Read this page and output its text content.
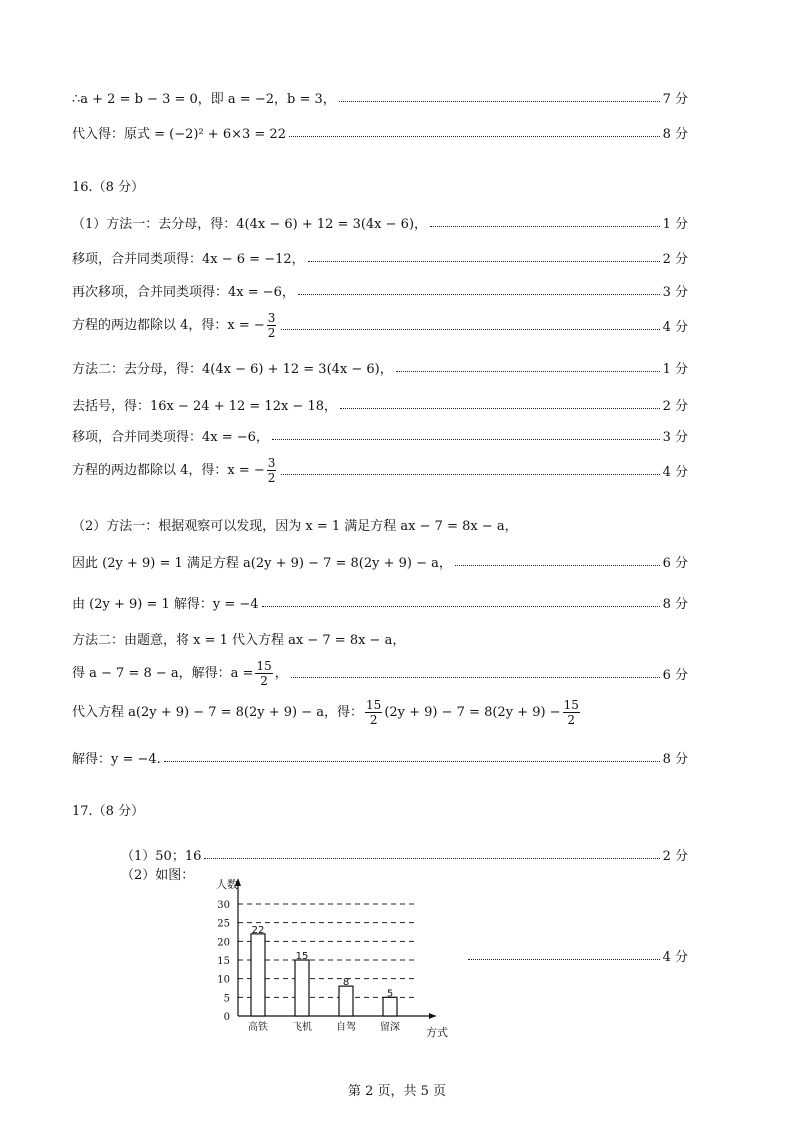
∴a + 2 = b − 3 = 0，即 a = −2，b = 3，	7 分
代入得：原式 = (−2)² + 6×3 = 22	8 分
16.（8 分）
（1）方法一：去分母，得：4(4x − 6) + 12 = 3(4x − 6)，	1 分
移项，合并同类项得：4x − 6 = −12，	2 分
再次移项，合并同类项得：4x = −6，	3 分
方程的两边都除以 4，得：x = − $\frac{3}{2}$	4 分
方法二：去分母，得：4(4x − 6) + 12 = 3(4x − 6)，	1 分
去括号，得：16x − 24 + 12 = 12x − 18，	2 分
移项，合并同类项得：4x = −6，	3 分
方程的两边都除以 4，得：x = − $\frac{3}{2}$	4 分
（2）方法一：根据观察可以发现，因为 x = 1 满足方程 ax − 7 = 8x − a，
因此 (2y + 9) = 1 满足方程 a(2y + 9) − 7 = 8(2y + 9) − a，	6 分
由 (2y + 9) = 1 解得：y = −4	8 分
方法二：由题意，将 x = 1 代入方程 ax − 7 = 8x − a，
得 a − 7 = 8 − a，解得：$a = \frac{15}{2}$ ，	6 分
代入方程 a(2y + 9) − 7 = 8(2y + 9) − a，得： $\frac{15}{2} (2y + 9) - 7 = 8(2y + 9) - \frac{15}{2}$
解得：y = −4.	8 分
17.（8 分）
（1）50；16	2 分
（2）如图：
0
5
10
15
20
25
30
人数
方式
22
高铁
15
飞机
8
自驾
5
留深
4 分
第 2 页，共 5 页
